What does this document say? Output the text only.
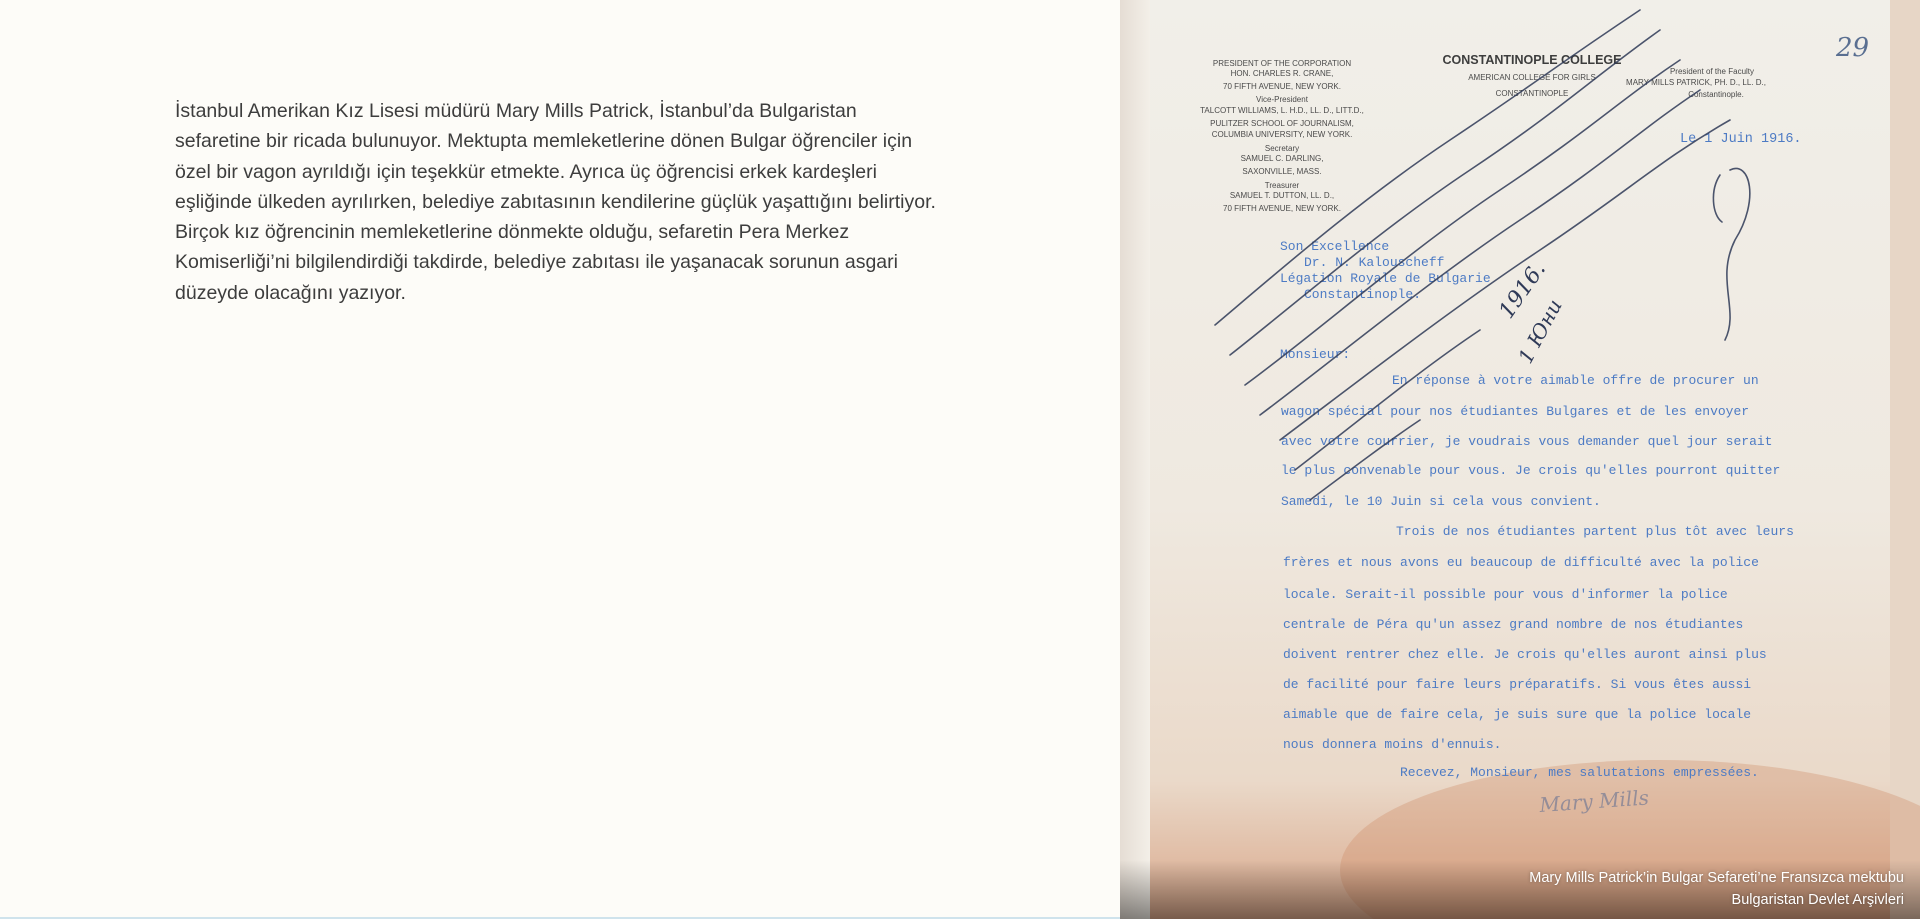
İstanbul Amerikan Kız Lisesi müdürü Mary Mills Patrick, İstanbul’da Bulgaristan sefaretine bir ricada bulunuyor. Mektupta memleketlerine dönen Bulgar öğrenciler için özel bir vagon ayrıldığı için teşekkür etmekte. Ayrıca üç öğrencisi erkek kardeşleri eşliğinde ülkeden ayrılırken, belediye zabıtasının kendilerine güçlük yaşattığını belirtiyor. Birçok kız öğrencinin memleketlerine dönmekte olduğu, sefaretin Pera Merkez Komiserliği’ni bilgilendirdiği takdirde, belediye zabıtası ile yaşanacak sorunun asgari düzeyde olacağını yazıyor.

29
PRESIDENT OF THE CORPORATION
HON. CHARLES R. CRANE,
70 FIFTH AVENUE, NEW YORK.
Vice-President
TALCOTT WILLIAMS, L. H.D., LL. D., LITT.D.,
PULITZER SCHOOL OF JOURNALISM,
COLUMBIA UNIVERSITY, NEW YORK.
Secretary
SAMUEL C. DARLING,
SAXONVILLE, MASS.
Treasurer
SAMUEL T. DUTTON, LL. D.,
70 FIFTH AVENUE, NEW YORK.
CONSTANTINOPLE COLLEGE
AMERICAN COLLEGE FOR GIRLS
CONSTANTINOPLE
President of the Faculty
MARY MILLS PATRICK, PH. D., LL. D.,
Constantinople.
Le 1 Juin 1916.
Son Excellence
Dr. N. Kalouscheff
Légation Royale de Bulgarie
Constantinople.
Monsieur:
En réponse à votre aimable offre de procurer un
wagon spécial pour nos étudiantes Bulgares et de les envoyer
avec votre courrier, je voudrais vous demander quel jour serait
le plus convenable pour vous. Je crois qu'elles pourront quitter
Samedi, le 10 Juin si cela vous convient.
Trois de nos étudiantes partent plus tôt avec leurs
frères et nous avons eu beaucoup de difficulté avec la police
locale. Serait-il possible pour vous d'informer la police
centrale de Péra qu'un assez grand nombre de nos étudiantes
doivent rentrer chez elle. Je crois qu'elles auront ainsi plus
de facilité pour faire leurs préparatifs. Si vous êtes aussi
aimable que de faire cela, je suis sure que la police locale
nous donnera moins d'ennuis.
Recevez, Monsieur, mes salutations empressées.
1916.
1 Юни
Mary Mills
Mary Mills Patrick’in Bulgar Sefareti’ne Fransızca mektubu
Bulgaristan Devlet Arşivleri
